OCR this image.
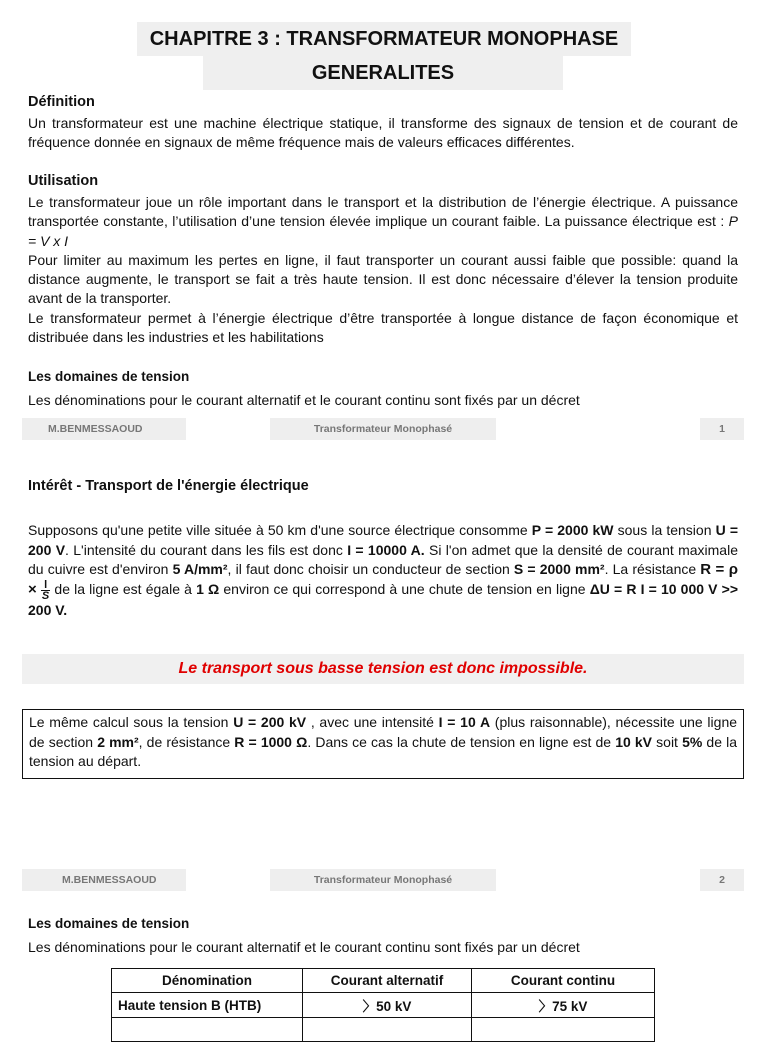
CHAPITRE 3 : TRANSFORMATEUR MONOPHASE
GENERALITES
Définition
Un transformateur est une machine électrique statique, il transforme des signaux de tension et de courant de fréquence donnée en signaux de même fréquence mais de valeurs efficaces différentes.
Utilisation
Le transformateur joue un rôle important dans le transport et la distribution de l’énergie électrique. A puissance transportée constante, l’utilisation d’une tension élevée implique un courant faible. La puissance électrique est : P = V x I
Pour limiter au maximum les pertes en ligne, il faut transporter un courant aussi faible que possible: quand la distance augmente, le transport se fait a très haute tension. Il est donc nécessaire d’élever la tension produite avant de la transporter.
Le transformateur permet à l’énergie électrique d’être transportée à longue distance de façon économique et distribuée dans les industries et les habilitations
Les domaines de tension
Les dénominations pour le courant alternatif et le courant continu sont fixés par un décret
M.BENMESSAOUD	Transformateur Monophasé	1
Intérêt - Transport de l'énergie électrique
Supposons qu'une petite ville située à 50 km d'une source électrique consomme P = 2000 kW sous la tension U = 200 V. L'intensité du courant dans les fils est donc I = 10000 A. Si l'on admet que la densité de courant maximale du cuivre est d'environ 5 A/mm², il faut donc choisir un conducteur de section S = 2000 mm². La résistance $R = \rho \times \frac{l}{S}$ de la ligne est égale à 1 Ω environ ce qui correspond à une chute de tension en ligne ΔU = R I = 10 000 V >> 200 V.
Le transport sous basse tension est donc impossible.
Le même calcul sous la tension U = 200 kV , avec une intensité I = 10 A (plus raisonnable), nécessite une ligne de section 2 mm², de résistance R = 1000 Ω. Dans ce cas la chute de tension en ligne est de 10 kV soit 5% de la tension au départ.
M.BENMESSAOUD	Transformateur Monophasé	2
Les domaines de tension
Les dénominations pour le courant alternatif et le courant continu sont fixés par un décret
Dénomination	Courant alternatif	Courant continu
Haute tension B (HTB)	〉50 kV	〉75 kV
